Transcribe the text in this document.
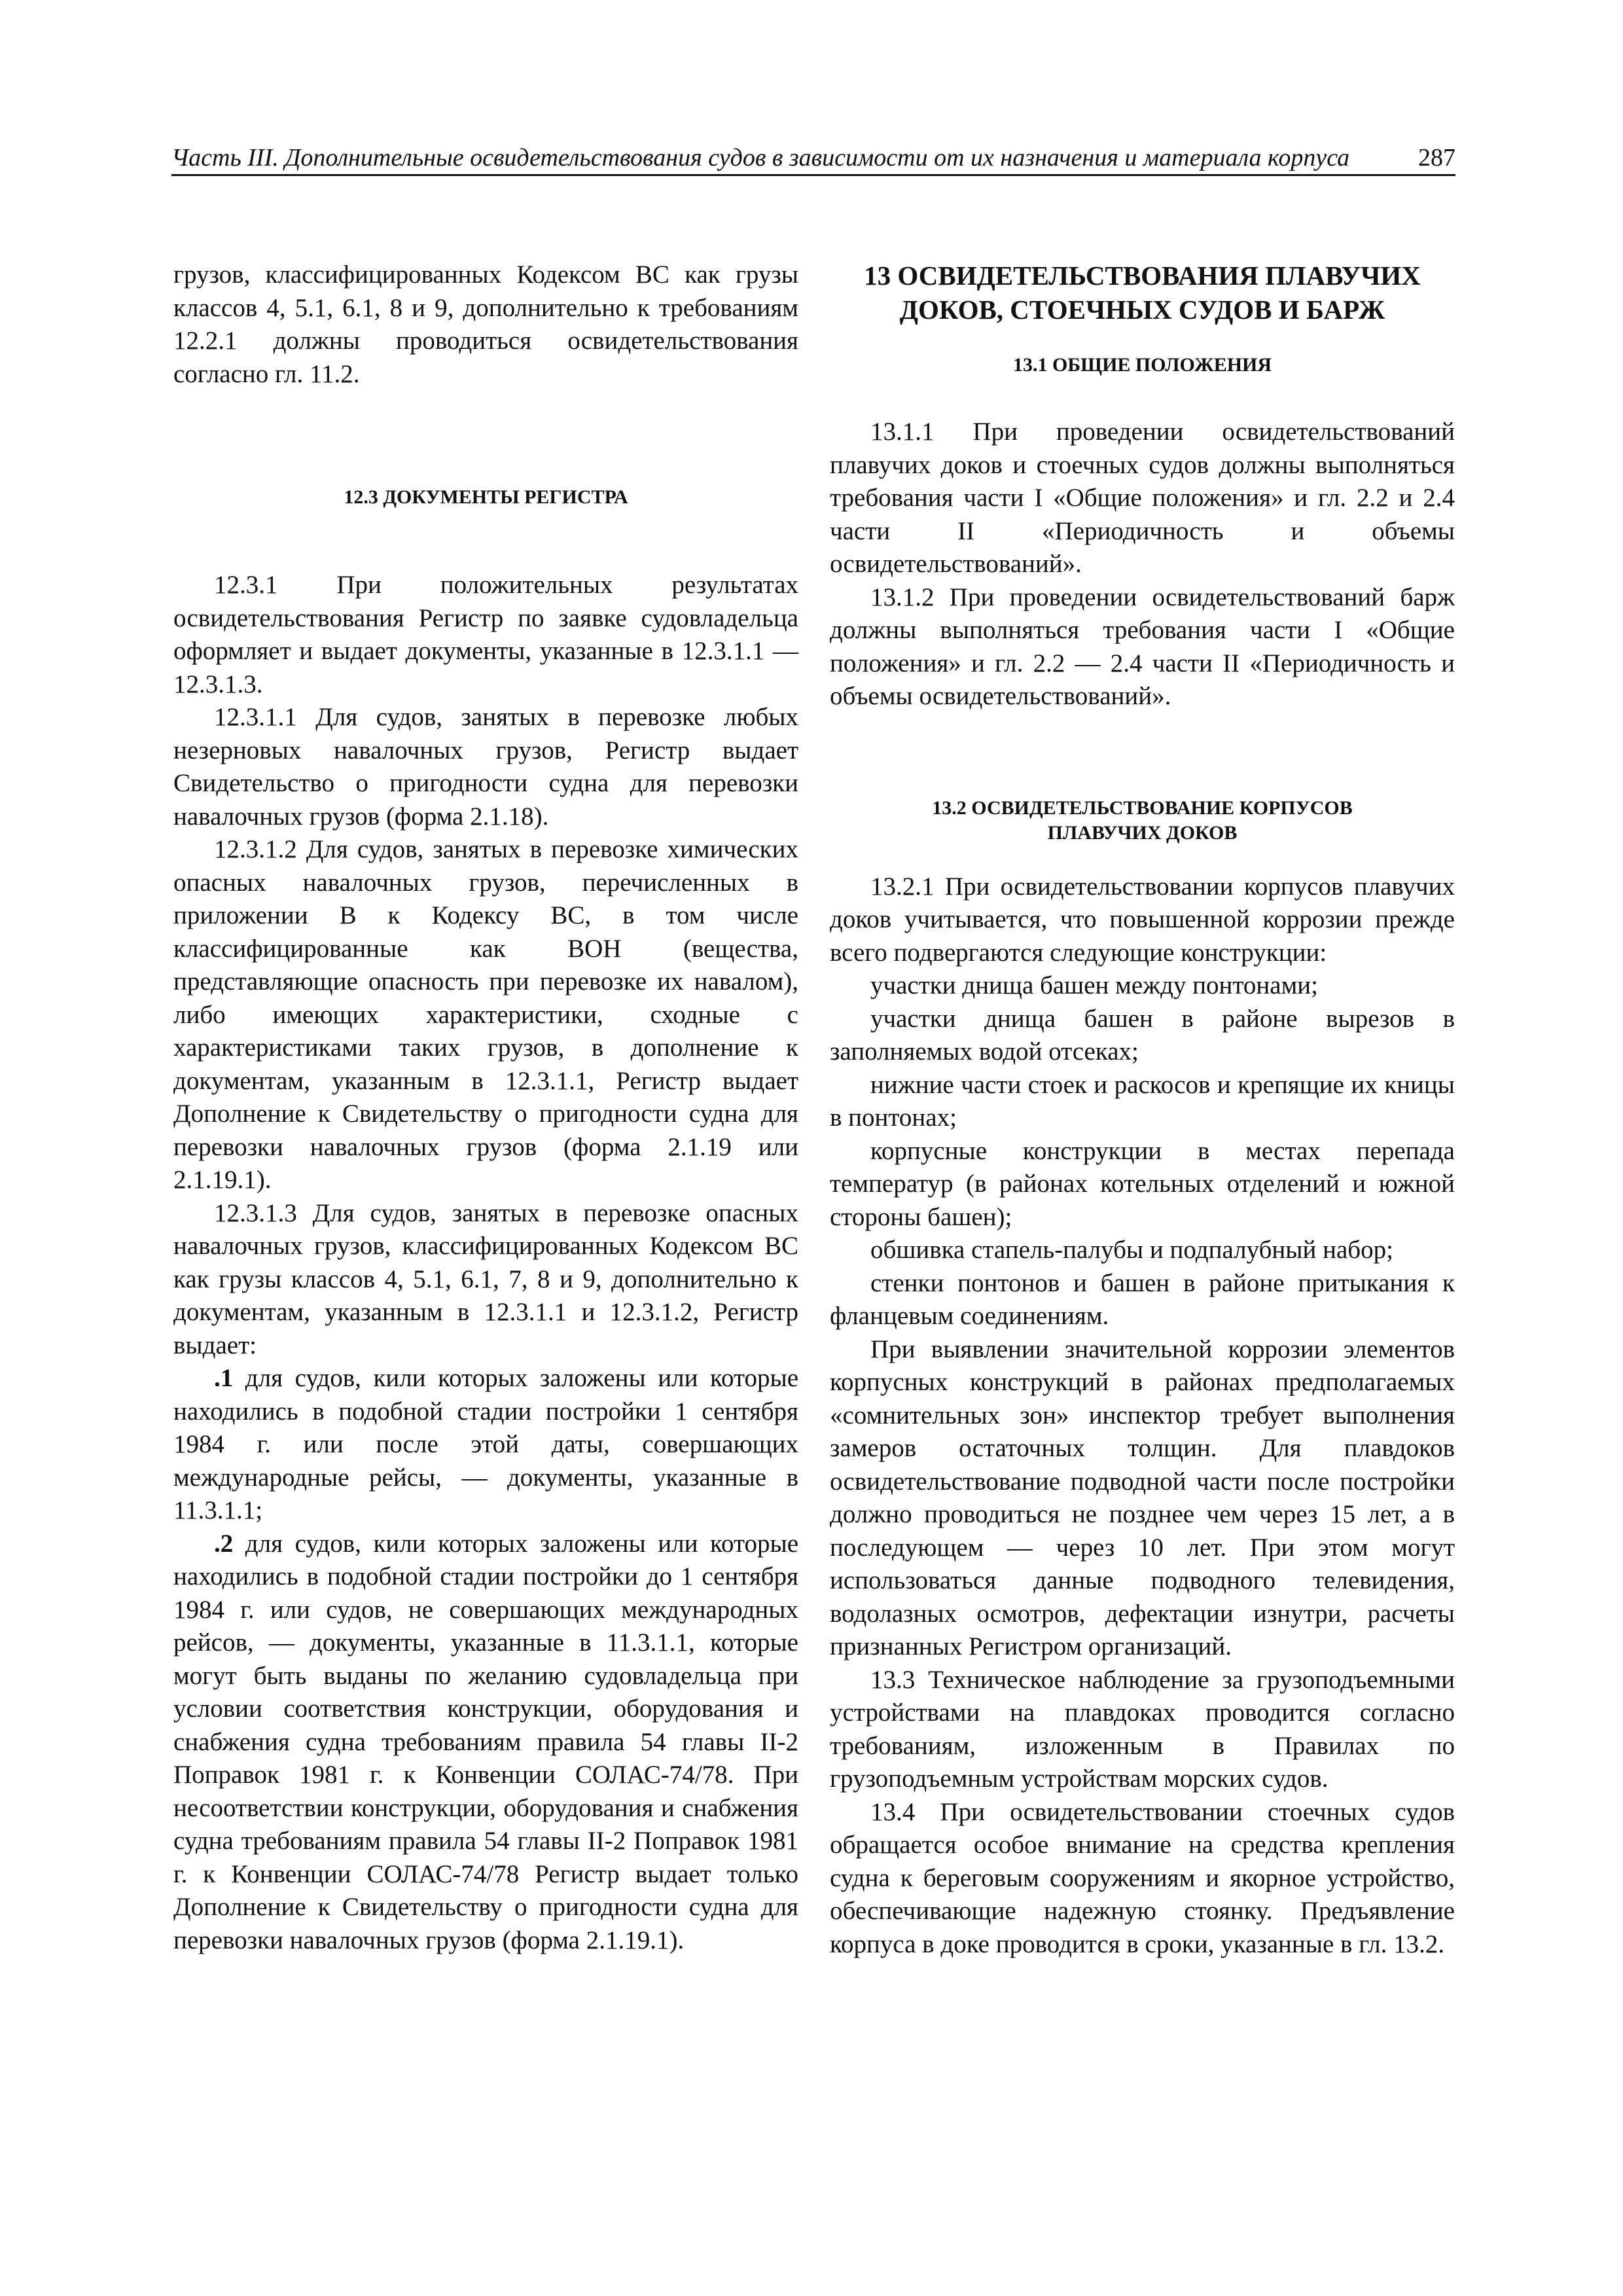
Часть III. Дополнительные освидетельствования судов в зависимости от их назначения и материала корпуса	287

грузов, классифицированных Кодексом ВС как грузы классов 4, 5.1, 6.1, 8 и 9, дополнительно к требованиям 12.2.1 должны проводиться освидетельствования согласно гл. 11.2.

12.3 ДОКУМЕНТЫ РЕГИСТРА

12.3.1 При положительных результатах освидетельствования Регистр по заявке судовладельца оформляет и выдает документы, указанные в 12.3.1.1 — 12.3.1.3.

12.3.1.1 Для судов, занятых в перевозке любых незерновых навалочных грузов, Регистр выдает Свидетельство о пригодности судна для перевозки навалочных грузов (форма 2.1.18).

12.3.1.2 Для судов, занятых в перевозке химических опасных навалочных грузов, перечисленных в приложении В к Кодексу ВС, в том числе классифицированные как ВОН (вещества, представляющие опасность при перевозке их навалом), либо имеющих характеристики, сходные с характеристиками таких грузов, в дополнение к документам, указанным в 12.3.1.1, Регистр выдает Дополнение к Свидетельству о пригодности судна для перевозки навалочных грузов (форма 2.1.19 или 2.1.19.1).

12.3.1.3 Для судов, занятых в перевозке опасных навалочных грузов, классифицированных Кодексом ВС как грузы классов 4, 5.1, 6.1, 7, 8 и 9, дополнительно к документам, указанным в 12.3.1.1 и 12.3.1.2, Регистр выдает:

.1 для судов, кили которых заложены или которые находились в подобной стадии постройки 1 сентября 1984 г. или после этой даты, совершающих международные рейсы, — документы, указанные в 11.3.1.1;

.2 для судов, кили которых заложены или которые находились в подобной стадии постройки до 1 сентября 1984 г. или судов, не совершающих международных рейсов, — документы, указанные в 11.3.1.1, которые могут быть выданы по желанию судовладельца при условии соответствия конструкции, оборудования и снабжения судна требованиям правила 54 главы II-2 Поправок 1981 г. к Конвенции СОЛАС-74/78. При несоответствии конструкции, оборудования и снабжения судна требованиям правила 54 главы II-2 Поправок 1981 г. к Конвенции СОЛАС-74/78 Регистр выдает только Дополнение к Свидетельству о пригодности судна для перевозки навалочных грузов (форма 2.1.19.1).

13 ОСВИДЕТЕЛЬСТВОВАНИЯ ПЛАВУЧИХ
ДОКОВ, СТОЕЧНЫХ СУДОВ И БАРЖ

13.1 ОБЩИЕ ПОЛОЖЕНИЯ

13.1.1 При проведении освидетельствований плавучих доков и стоечных судов должны выполняться требования части I «Общие положения» и гл. 2.2 и 2.4 части II «Периодичность и объемы освидетельствований».

13.1.2 При проведении освидетельствований барж должны выполняться требования части I «Общие положения» и гл. 2.2 — 2.4 части II «Периодичность и объемы освидетельствований».

13.2 ОСВИДЕТЕЛЬСТВОВАНИЕ КОРПУСОВ
ПЛАВУЧИХ ДОКОВ

13.2.1 При освидетельствовании корпусов плавучих доков учитывается, что повышенной коррозии прежде всего подвергаются следующие конструкции:

участки днища башен между понтонами;

участки днища башен в районе вырезов в заполняемых водой отсеках;

нижние части стоек и раскосов и крепящие их кницы в понтонах;

корпусные конструкции в местах перепада температур (в районах котельных отделений и южной стороны башен);

обшивка стапель-палубы и подпалубный набор;

стенки понтонов и башен в районе притыкания к фланцевым соединениям.

При выявлении значительной коррозии элементов корпусных конструкций в районах предполагаемых «сомнительных зон» инспектор требует выполнения замеров остаточных толщин. Для плавдоков освидетельствование подводной части после постройки должно проводиться не позднее чем через 15 лет, а в последующем — через 10 лет. При этом могут использоваться данные подводного телевидения, водолазных осмотров, дефектации изнутри, расчеты признанных Регистром организаций.

13.3 Техническое наблюдение за грузоподъемными устройствами на плавдоках проводится согласно требованиям, изложенным в Правилах по грузоподъемным устройствам морских судов.

13.4 При освидетельствовании стоечных судов обращается особое внимание на средства крепления судна к береговым сооружениям и якорное устройство, обеспечивающие надежную стоянку. Предъявление корпуса в доке проводится в сроки, указанные в гл. 13.2.
